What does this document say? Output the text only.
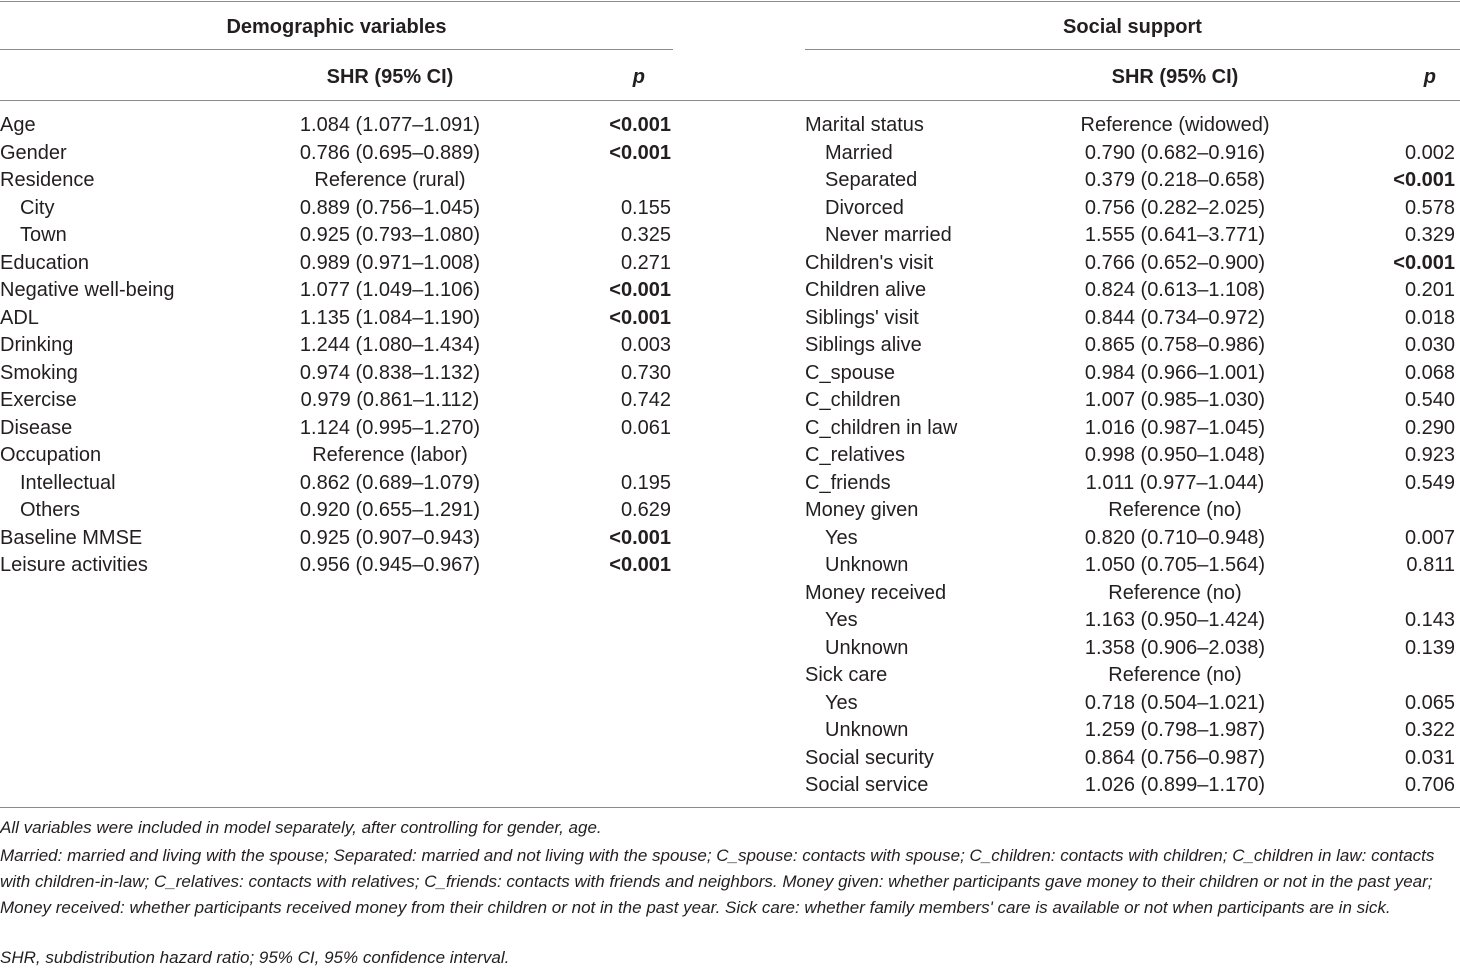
Demographic variables
SHR (95% CI)	p
Age	1.084 (1.077–1.091)	<0.001
Gender	0.786 (0.695–0.889)	<0.001
Residence	Reference (rural)
City	0.889 (0.756–1.045)	0.155
Town	0.925 (0.793–1.080)	0.325
Education	0.989 (0.971–1.008)	0.271
Negative well-being	1.077 (1.049–1.106)	<0.001
ADL	1.135 (1.084–1.190)	<0.001
Drinking	1.244 (1.080–1.434)	0.003
Smoking	0.974 (0.838–1.132)	0.730
Exercise	0.979 (0.861–1.112)	0.742
Disease	1.124 (0.995–1.270)	0.061
Occupation	Reference (labor)
Intellectual	0.862 (0.689–1.079)	0.195
Others	0.920 (0.655–1.291)	0.629
Baseline MMSE	0.925 (0.907–0.943)	<0.001
Leisure activities	0.956 (0.945–0.967)	<0.001
Social support
SHR (95% CI)	p
Marital status	Reference (widowed)
Married	0.790 (0.682–0.916)	0.002
Separated	0.379 (0.218–0.658)	<0.001
Divorced	0.756 (0.282–2.025)	0.578
Never married	1.555 (0.641–3.771)	0.329
Children's visit	0.766 (0.652–0.900)	<0.001
Children alive	0.824 (0.613–1.108)	0.201
Siblings' visit	0.844 (0.734–0.972)	0.018
Siblings alive	0.865 (0.758–0.986)	0.030
C_spouse	0.984 (0.966–1.001)	0.068
C_children	1.007 (0.985–1.030)	0.540
C_children in law	1.016 (0.987–1.045)	0.290
C_relatives	0.998 (0.950–1.048)	0.923
C_friends	1.011 (0.977–1.044)	0.549
Money given	Reference (no)
Yes	0.820 (0.710–0.948)	0.007
Unknown	1.050 (0.705–1.564)	0.811
Money received	Reference (no)
Yes	1.163 (0.950–1.424)	0.143
Unknown	1.358 (0.906–2.038)	0.139
Sick care	Reference (no)
Yes	0.718 (0.504–1.021)	0.065
Unknown	1.259 (0.798–1.987)	0.322
Social security	0.864 (0.756–0.987)	0.031
Social service	1.026 (0.899–1.170)	0.706
All variables were included in model separately, after controlling for gender, age.
Married: married and living with the spouse; Separated: married and not living with the spouse; C_spouse: contacts with spouse; C_children: contacts with children; C_children in law: contacts with children-in-law; C_relatives: contacts with relatives; C_friends: contacts with friends and neighbors. Money given: whether participants gave money to their children or not in the past year; Money received: whether participants received money from their children or not in the past year. Sick care: whether family members' care is available or not when participants are in sick.
SHR, subdistribution hazard ratio; 95% CI, 95% confidence interval.
